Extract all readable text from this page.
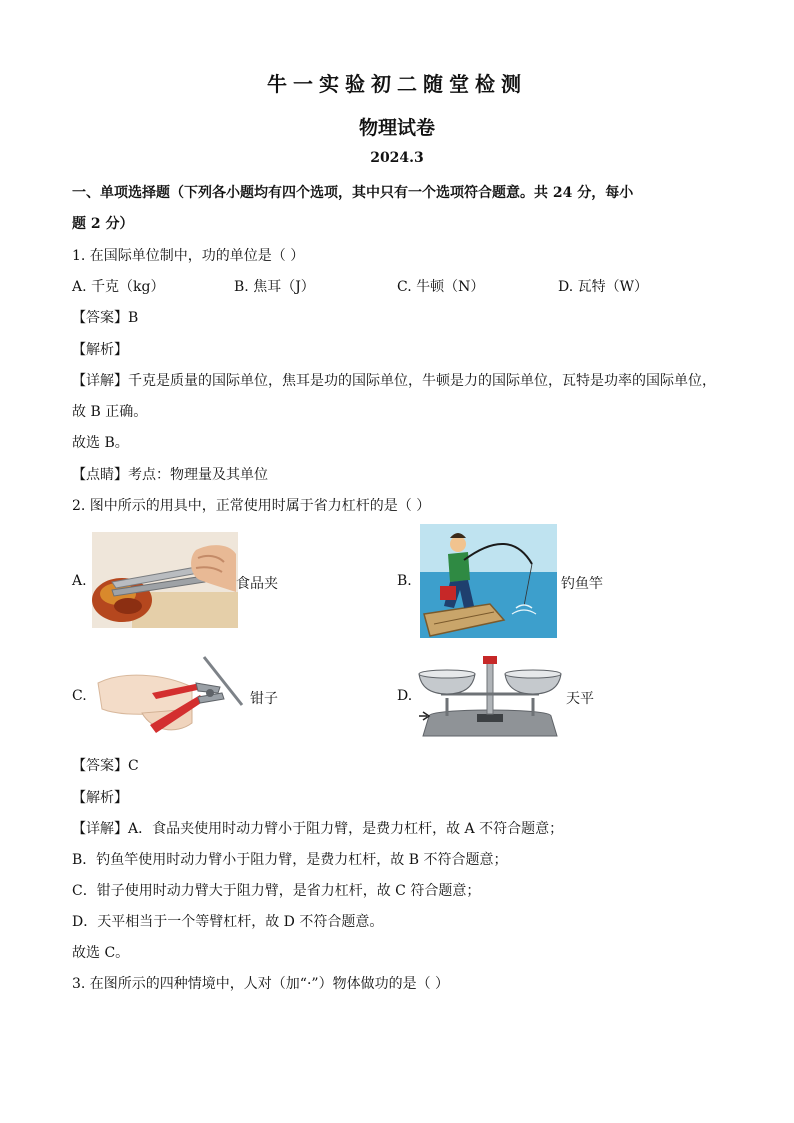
牛一实验初二随堂检测
物理试卷
2024.3
一、单项选择题（下列各小题均有四个选项，其中只有一个选项符合题意。共 24 分，每小
题 2 分）
1. 在国际单位制中，功的单位是（ ）
A. 千克（kg）	B. 焦耳（J）	C. 牛顿（N）	D. 瓦特（W）
【答案】B
【解析】
【详解】千克是质量的国际单位，焦耳是功的国际单位，牛顿是力的国际单位，瓦特是功率的国际单位，
故 B 正确。
故选 B。
【点睛】考点：物理量及其单位
2. 图中所示的用具中，正常使用时属于省力杠杆的是（ ）
A.	食品夹	B.	钓鱼竿
C.	钳子	D.	天平
【答案】C
【解析】
【详解】A．食品夹使用时动力臂小于阻力臂，是费力杠杆，故 A 不符合题意；
B．钓鱼竿使用时动力臂小于阻力臂，是费力杠杆，故 B 不符合题意；
C．钳子使用时动力臂大于阻力臂，是省力杠杆，故 C 符合题意；
D．天平相当于一个等臂杠杆，故 D 不符合题意。
故选 C。
3. 在图所示的四种情境中，人对（加“·”）物体做功的是（ ）
